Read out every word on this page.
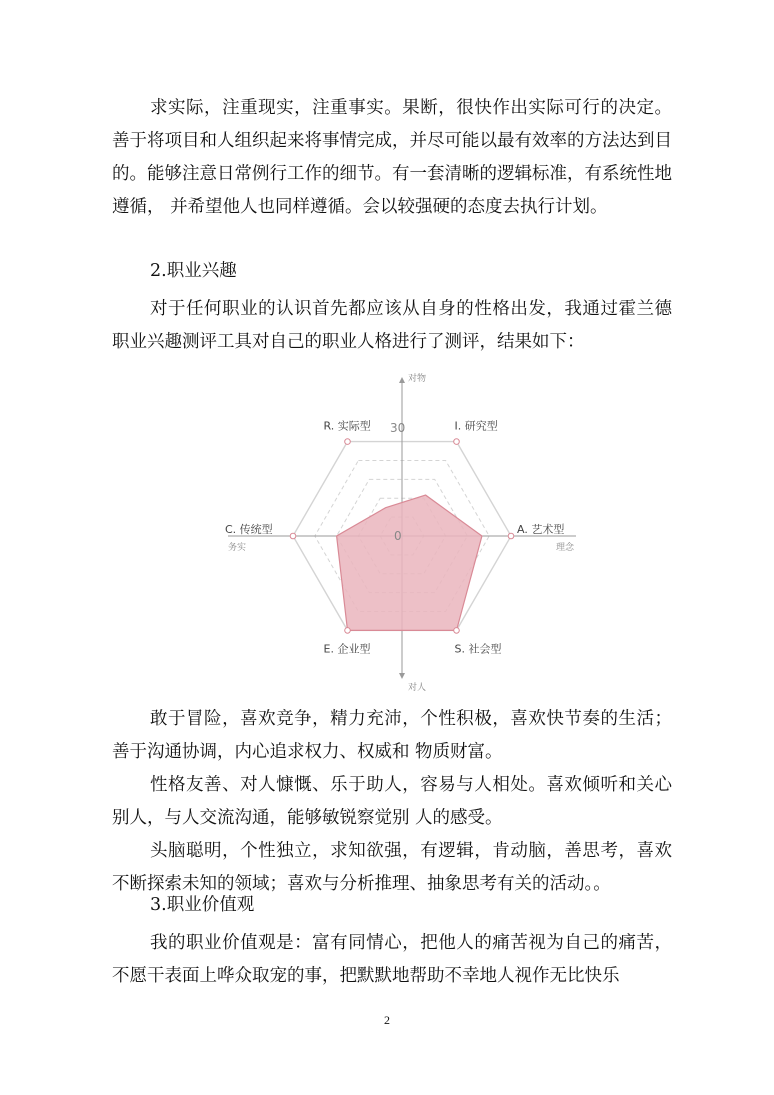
求实际，注重现实，注重事实。果断，很快作出实际可行的决定。善于将项目和人组织起来将事情完成，并尽可能以最有效率的方法达到目的。能够注意日常例行工作的细节。有一套清晰的逻辑标准，有系统性地遵循， 并希望他人也同样遵循。会以较强硬的态度去执行计划。

2.职业兴趣

对于任何职业的认识首先都应该从自身的性格出发，我通过霍兰德职业兴趣测评工具对自己的职业人格进行了测评，结果如下：

R. 实际型	I. 研究型
A. 艺术型
S. 社会型
E. 企业型
C. 传统型	0
30
对物
对人
务实	理念

敢于冒险，喜欢竞争，精力充沛，个性积极，喜欢快节奏的生活；善于沟通协调，内心追求权力、权威和 物质财富。

性格友善、对人慷慨、乐于助人，容易与人相处。喜欢倾听和关心别人，与人交流沟通，能够敏锐察觉别 人的感受。

头脑聪明，个性独立，求知欲强，有逻辑，肯动脑，善思考，喜欢不断探索未知的领域；喜欢与分析推理、抽象思考有关的活动。。

3.职业价值观

我的职业价值观是：富有同情心，把他人的痛苦视为自己的痛苦，不愿干表面上哗众取宠的事，把默默地帮助不幸地人视作无比快乐

2
